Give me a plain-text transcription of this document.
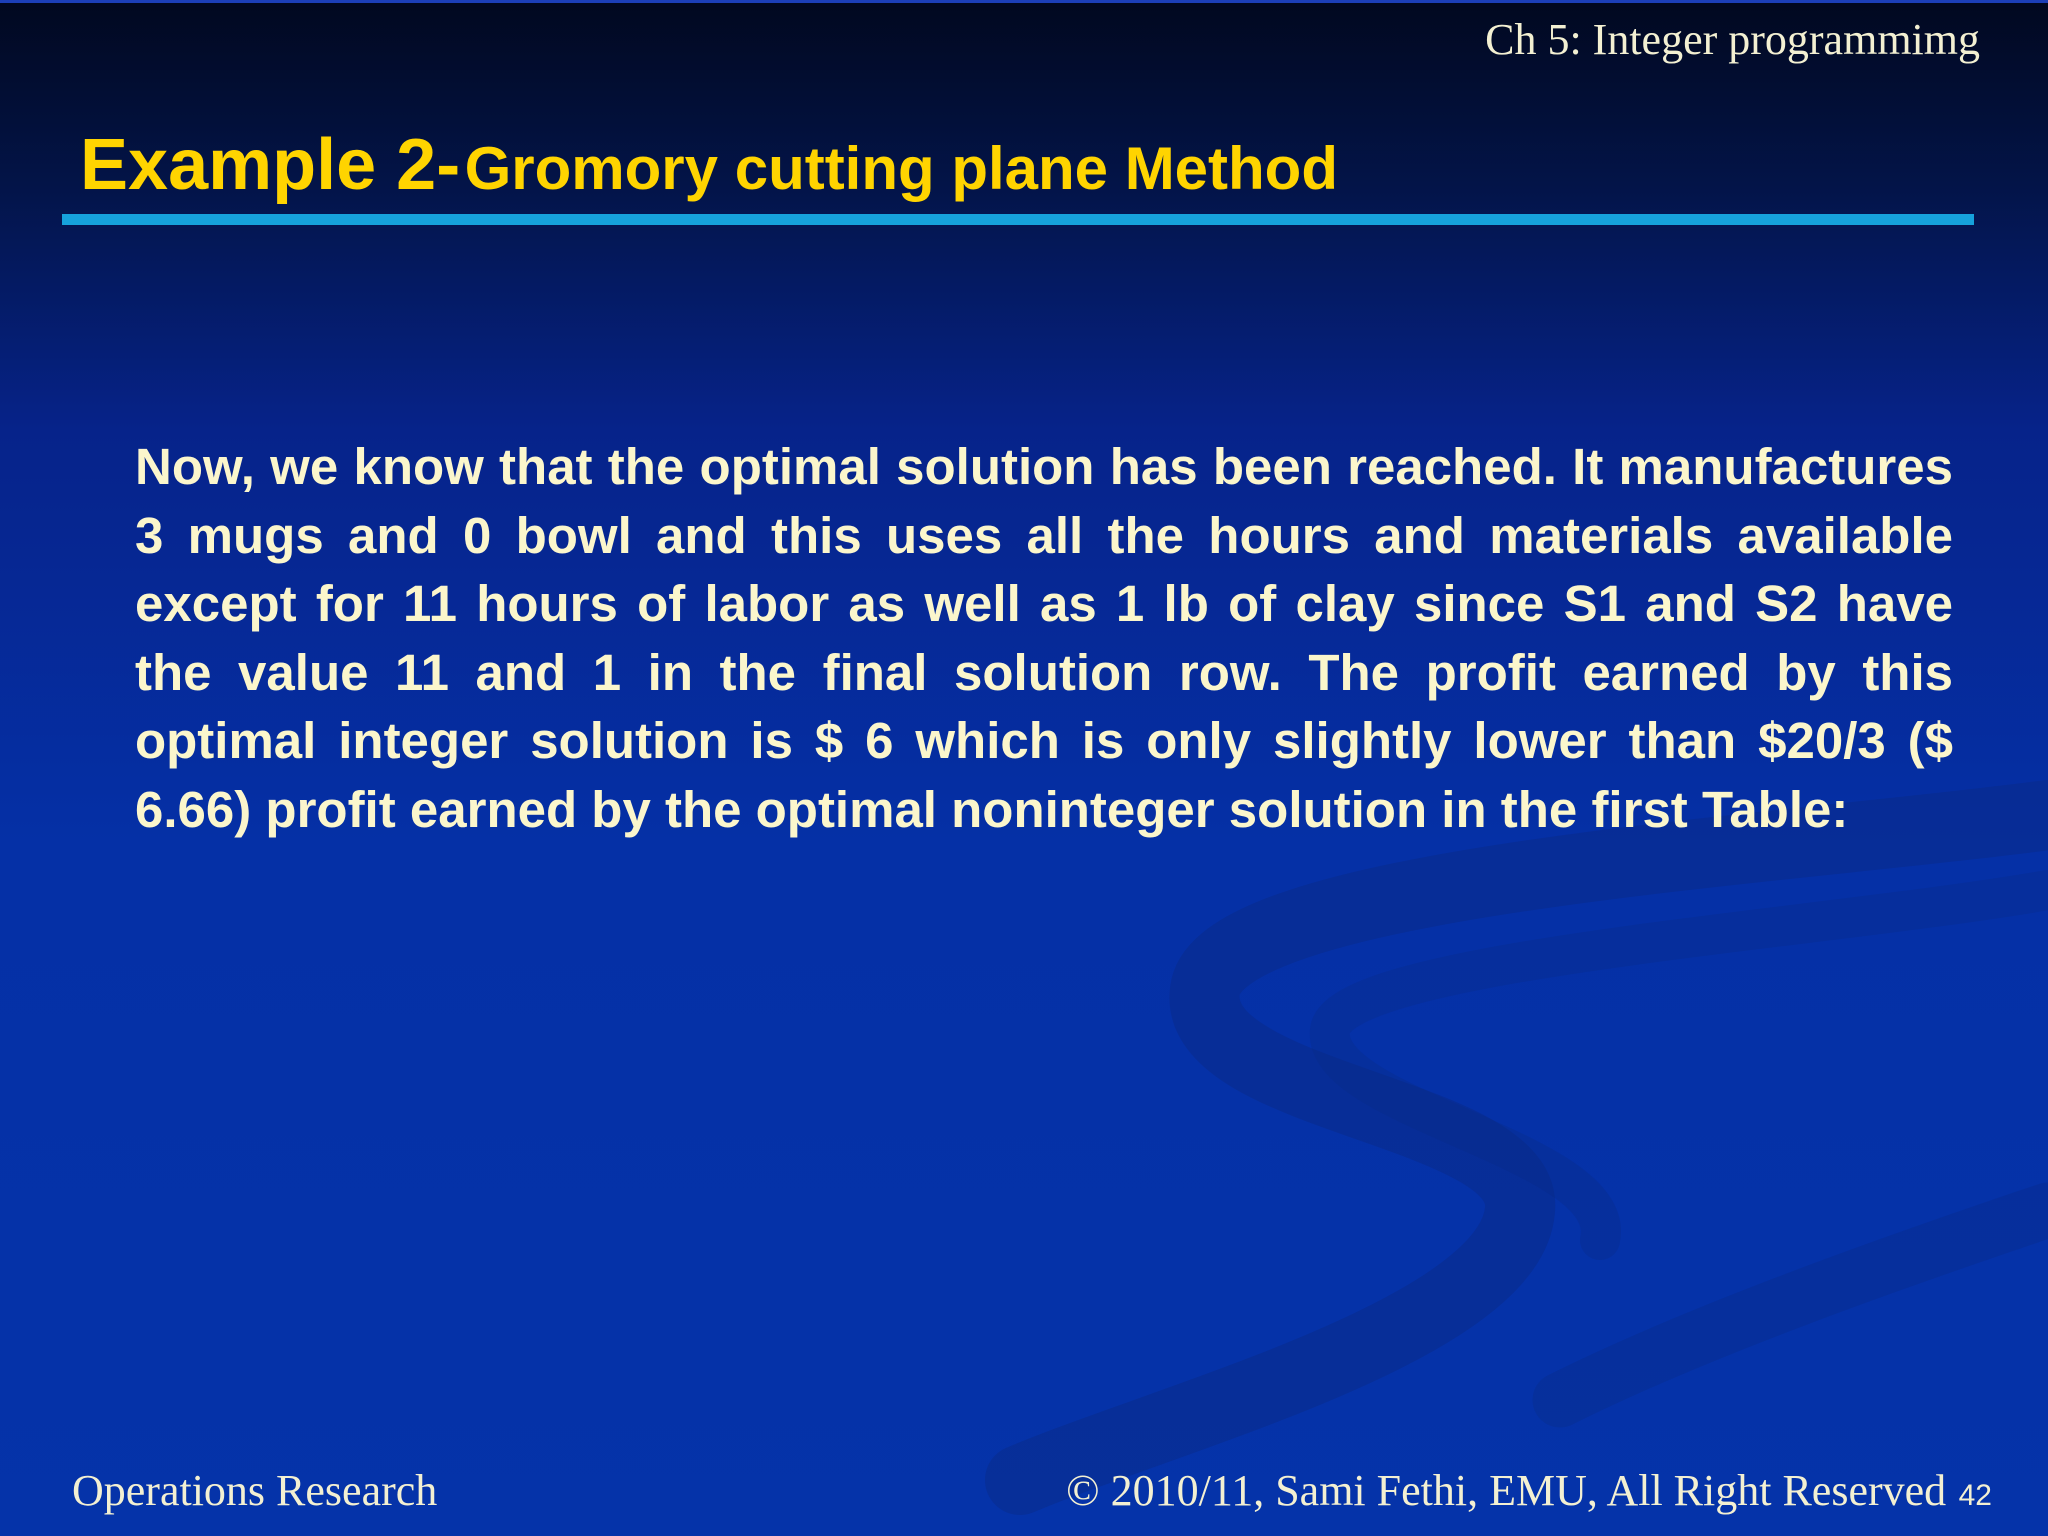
Ch 5: Integer programmimg
Example 2- Gromory cutting plane Method

Now, we know that the optimal solution has been reached. It manufactures 3 mugs and 0 bowl and this uses all the hours and materials available except for 11 hours of labor as well as 1 lb of clay since S1 and S2 have the value 11 and 1 in the final solution row. The profit earned by this optimal integer solution is $ 6 which is only slightly lower than $20/3 ($ 6.66) profit earned by the optimal noninteger solution in the first Table:

Operations Research	© 2010/11, Sami Fethi, EMU, All Right Reserved 42
